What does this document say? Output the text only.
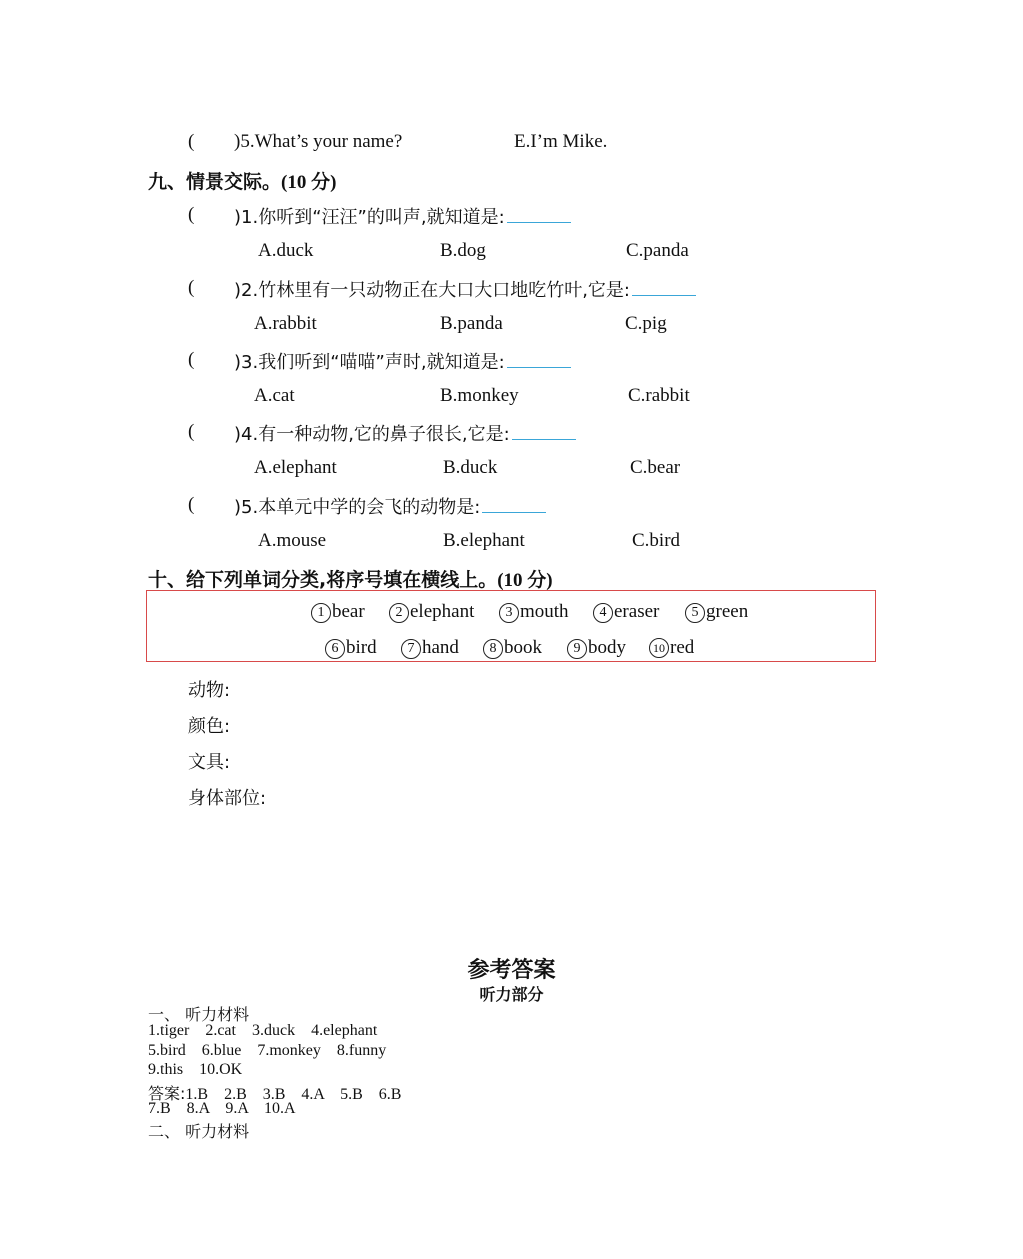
( )5.What’s your name?	E.I’m Mike.
九、情景交际。(10 分)
( )1.你听到“汪汪”的叫声,就知道是:
A.duck	B.dog	C.panda
( )2.竹林里有一只动物正在大口大口地吃竹叶,它是:
A.rabbit	B.panda	C.pig
( )3.我们听到“喵喵”声时,就知道是:
A.cat	B.monkey	C.rabbit
( )4.有一种动物,它的鼻子很长,它是:
A.elephant	B.duck	C.bear
( )5.本单元中学的会飞的动物是:
A.mouse	B.elephant	C.bird
十、给下列单词分类,将序号填在横线上。(10 分)
1 bear	2 elephant	3 mouth	4 eraser	5 green
6 bird	7 hand	8 book	9 body	10 red
动物:
颜色:
文具:
身体部位:
参考答案
听力部分
一、 听力材料
1.tiger    2.cat    3.duck    4.elephant
5.bird    6.blue    7.monkey    8.funny
9.this    10.OK
答案:1.B    2.B    3.B    4.A    5.B    6.B
7.B    8.A    9.A    10.A
二、 听力材料
